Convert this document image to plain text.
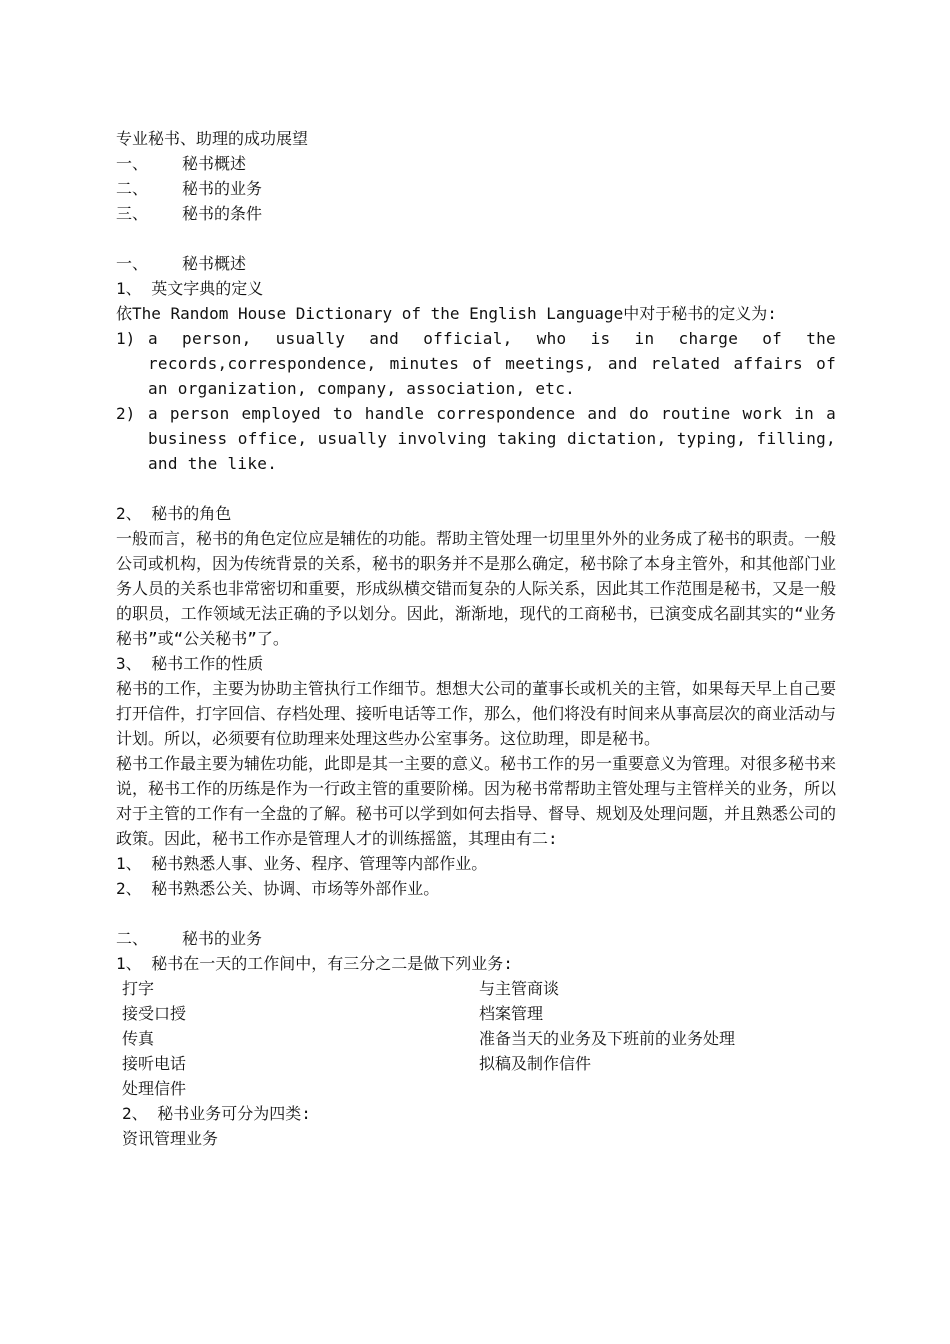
专业秘书、助理的成功展望
一、 秘书概述
二、 秘书的业务
三、 秘书的条件
一、 秘书概述
1、 英文字典的定义
依The Random House Dictionary of the English Language中对于秘书的定义为:
1) a person, usually and official, who is in charge of the records,correspondence, minutes of meetings, and related affairs of an organization, company, association, etc.
2) a person employed to handle correspondence and do routine work in a business office, usually involving taking dictation, typing, filling, and the like.
2、 秘书的角色
一般而言，秘书的角色定位应是辅佐的功能。帮助主管处理一切里里外外的业务成了秘书的职责。一般公司或机构，因为传统背景的关系，秘书的职务并不是那么确定，秘书除了本身主管外，和其他部门业务人员的关系也非常密切和重要，形成纵横交错而复杂的人际关系，因此其工作范围是秘书，又是一般的职员，工作领域无法正确的予以划分。因此，渐渐地，现代的工商秘书，已演变成名副其实的“业务秘书”或“公关秘书”了。
3、 秘书工作的性质
秘书的工作，主要为协助主管执行工作细节。想想大公司的董事长或机关的主管，如果每天早上自己要打开信件，打字回信、存档处理、接听电话等工作，那么，他们将没有时间来从事高层次的商业活动与计划。所以，必须要有位助理来处理这些办公室事务。这位助理，即是秘书。
秘书工作最主要为辅佐功能，此即是其一主要的意义。秘书工作的另一重要意义为管理。对很多秘书来说，秘书工作的历练是作为一行政主管的重要阶梯。因为秘书常帮助主管处理与主管样关的业务，所以对于主管的工作有一全盘的了解。秘书可以学到如何去指导、督导、规划及处理问题，并且熟悉公司的政策。因此，秘书工作亦是管理人才的训练摇篮，其理由有二:
1、 秘书熟悉人事、业务、程序、管理等内部作业。
2、 秘书熟悉公关、协调、市场等外部作业。
二、 秘书的业务
1、 秘书在一天的工作间中，有三分之二是做下列业务:
打字
接受口授
传真
接听电话
处理信件
与主管商谈
档案管理
准备当天的业务及下班前的业务处理
拟稿及制作信件
2、 秘书业务可分为四类:
资讯管理业务
